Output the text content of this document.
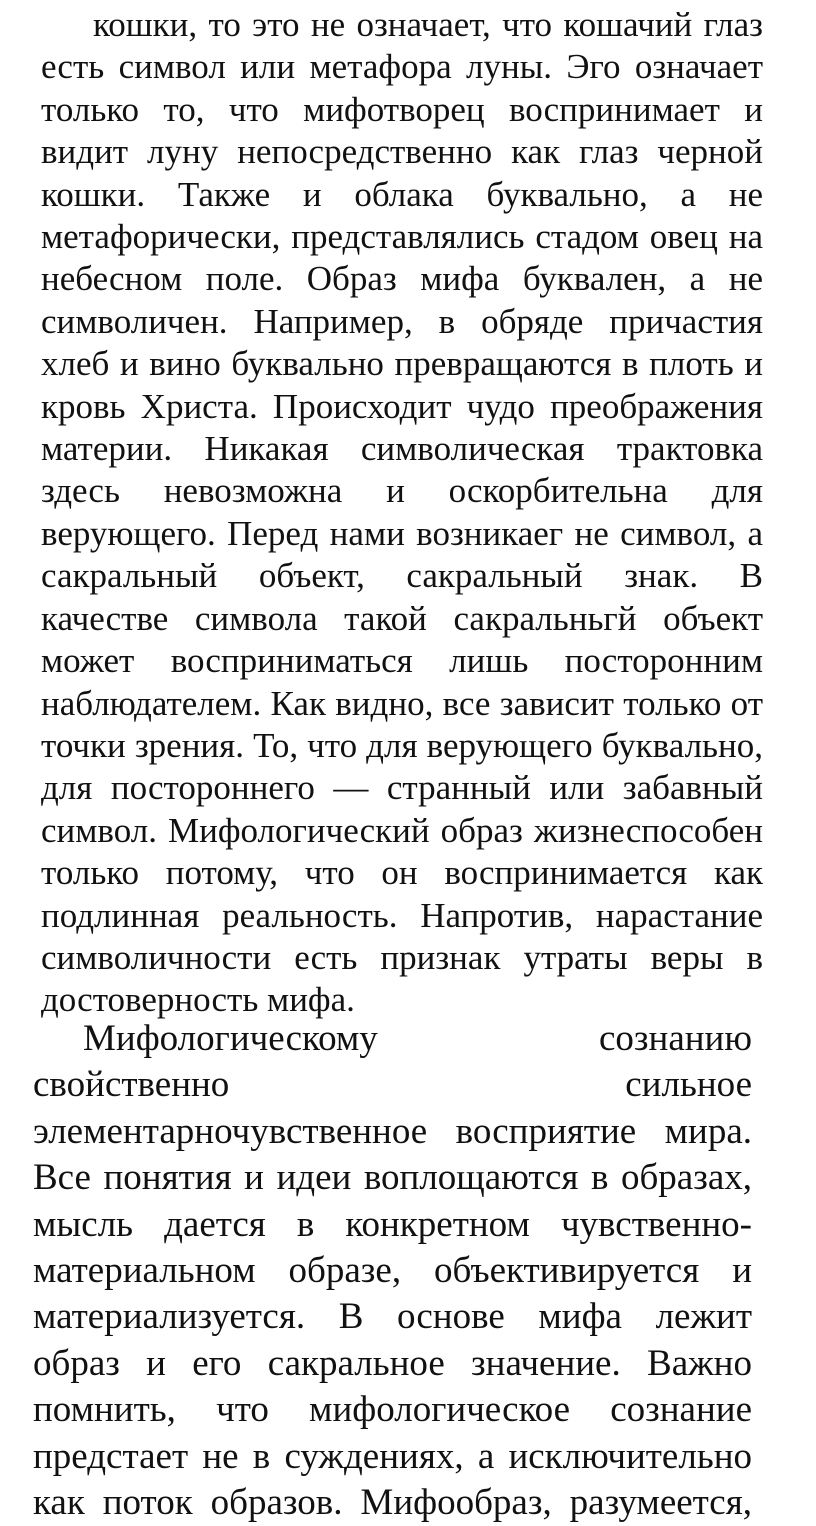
кошки, то это не означает, что кошачий глаз
есть символ или метафора луны. Эго означает
только то, что мифотворец воспринимает и
видит луну непосредственно как глаз черной
кошки. Также и облака буквально, а не
метафорически, представлялись стадом овец на
небесном поле. Образ мифа буквален, а не
символичен. Например, в обряде причастия
хлеб и вино буквально превращаются в плоть и
кровь Христа. Происходит чудо преображения
материи. Никакая символическая трактовка
здесь невозможна и оскорбительна для
верующего. Перед нами возникаег не символ, а
сакральный объект, сакральный знак. В
качестве символа такой сакральньгй объект
может восприниматься лишь посторонним
наблюдателем. Как видно, все зависит только от
точки зрения. То, что для верующего буквально,
для постороннего — странный или забавный
символ. Мифологический образ жизнеспособен
только потому, что он воспринимается как
подлинная реальность. Напротив, нарастание
символичности есть признак утраты веры в
достоверность мифа.
Мифологическому сознанию
свойственно сильное
элементарночувственное восприятие мира.
Все понятия и идеи воплощаются в образах,
мысль дается в конкретном чувственно-
материальном образе, объективируется и
материализуется. В основе мифа лежит
образ и его сакральное значение. Важно
помнить, что мифологическое сознание
предстает не в суждениях, а исключительно
как поток образов. Мифообраз, разумеется,
